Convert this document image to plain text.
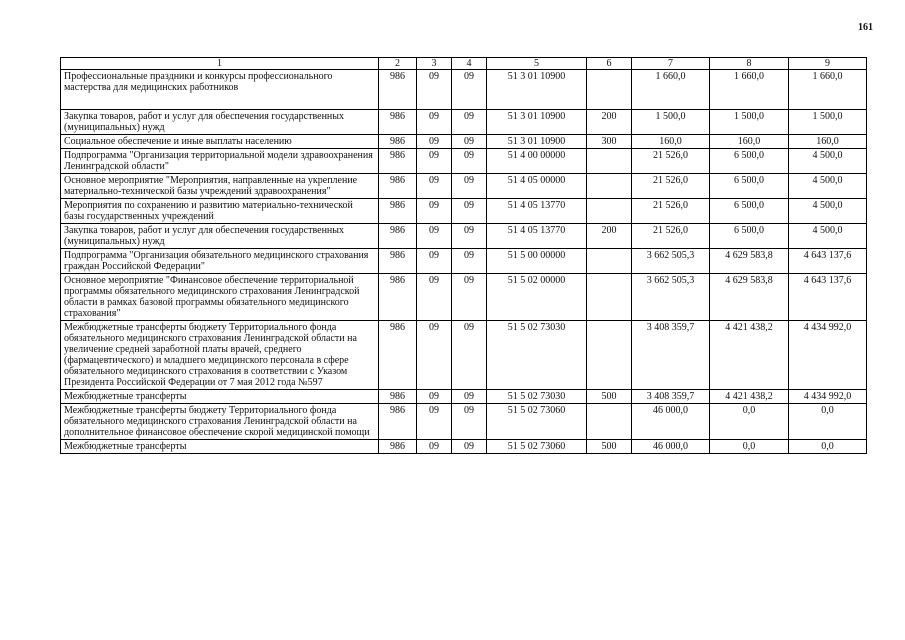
161
1	2	3	4	5	6	7	8	9
Профессиональные праздники и конкурсы профессионального мастерства для медицинских работников	986	09	09	51 3 01 10900		1 660,0	1 660,0	1 660,0
Закупка товаров, работ и услуг для обеспечения государственных (муниципальных) нужд	986	09	09	51 3 01 10900	200	1 500,0	1 500,0	1 500,0
Социальное обеспечение и иные выплаты населению	986	09	09	51 3 01 10900	300	160,0	160,0	160,0
Подпрограмма "Организация территориальной модели здравоохранения Ленинградской области"	986	09	09	51 4 00 00000		21 526,0	6 500,0	4 500,0
Основное мероприятие "Мероприятия, направленные на укрепление материально-технической базы учреждений здравоохранения"	986	09	09	51 4 05 00000		21 526,0	6 500,0	4 500,0
Мероприятия по сохранению и развитию материально-технической базы государственных учреждений	986	09	09	51 4 05 13770		21 526,0	6 500,0	4 500,0
Закупка товаров, работ и услуг для обеспечения государственных (муниципальных) нужд	986	09	09	51 4 05 13770	200	21 526,0	6 500,0	4 500,0
Подпрограмма "Организация обязательного медицинского страхования граждан Российской Федерации"	986	09	09	51 5 00 00000		3 662 505,3	4 629 583,8	4 643 137,6
Основное мероприятие "Финансовое обеспечение территориальной программы обязательного медицинского страхования Ленинградской области в рамках базовой программы обязательного медицинского страхования"	986	09	09	51 5 02 00000		3 662 505,3	4 629 583,8	4 643 137,6
Межбюджетные трансферты бюджету Территориального фонда обязательного медицинского страхования Ленинградской области на увеличение средней заработной платы врачей, среднего (фармацевтического) и младшего медицинского персонала в сфере обязательного медицинского страхования в соответствии с Указом Президента Российской Федерации от 7 мая 2012 года №597	986	09	09	51 5 02 73030		3 408 359,7	4 421 438,2	4 434 992,0
Межбюджетные трансферты	986	09	09	51 5 02 73030	500	3 408 359,7	4 421 438,2	4 434 992,0
Межбюджетные трансферты бюджету Территориального фонда обязательного медицинского страхования Ленинградской области на дополнительное финансовое обеспечение скорой медицинской помощи	986	09	09	51 5 02 73060		46 000,0	0,0	0,0
Межбюджетные трансферты	986	09	09	51 5 02 73060	500	46 000,0	0,0	0,0
